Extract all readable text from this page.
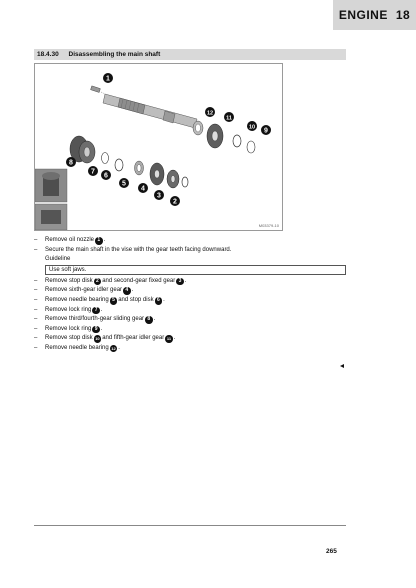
ENGINE 18
18.4.30 Disassembling the main shaft
1
2
3
4
5
6
7
8
9
10
11
12
M03379-10
–	Remove oil nozzle 1 .
–	Secure the main shaft in the vise with the gear teeth facing downward.
Guideline
Use soft jaws.
–	Remove stop disk 2 and second-gear fixed gear 3 .
–	Remove sixth-gear idler gear 4 .
–	Remove needle bearing 5 and stop disk 6 .
–	Remove lock ring 7 .
–	Remove third/fourth-gear sliding gear 8 .
–	Remove lock ring 9 .
–	Remove stop disk 10 and fifth-gear idler gear 11 .
–	Remove needle bearing 12 .
265
